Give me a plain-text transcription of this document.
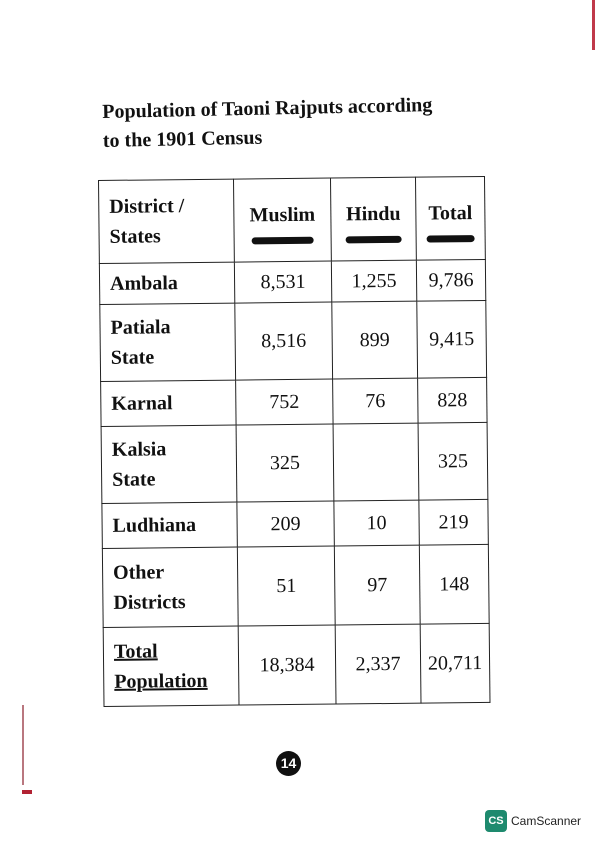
Population of Taoni Rajputs according
to the 1901 Census
District /
States	Muslim	Hindu	Total

Ambala	8,531	1,255	9,786

Patiala
State	8,516	899	9,415

Karnal	752	76	828

Kalsia
State	325		325

Ludhiana	209	10	219

Other
Districts	51	97	148

Total
Population	18,384	2,337	20,711
14
CS CamScanner
